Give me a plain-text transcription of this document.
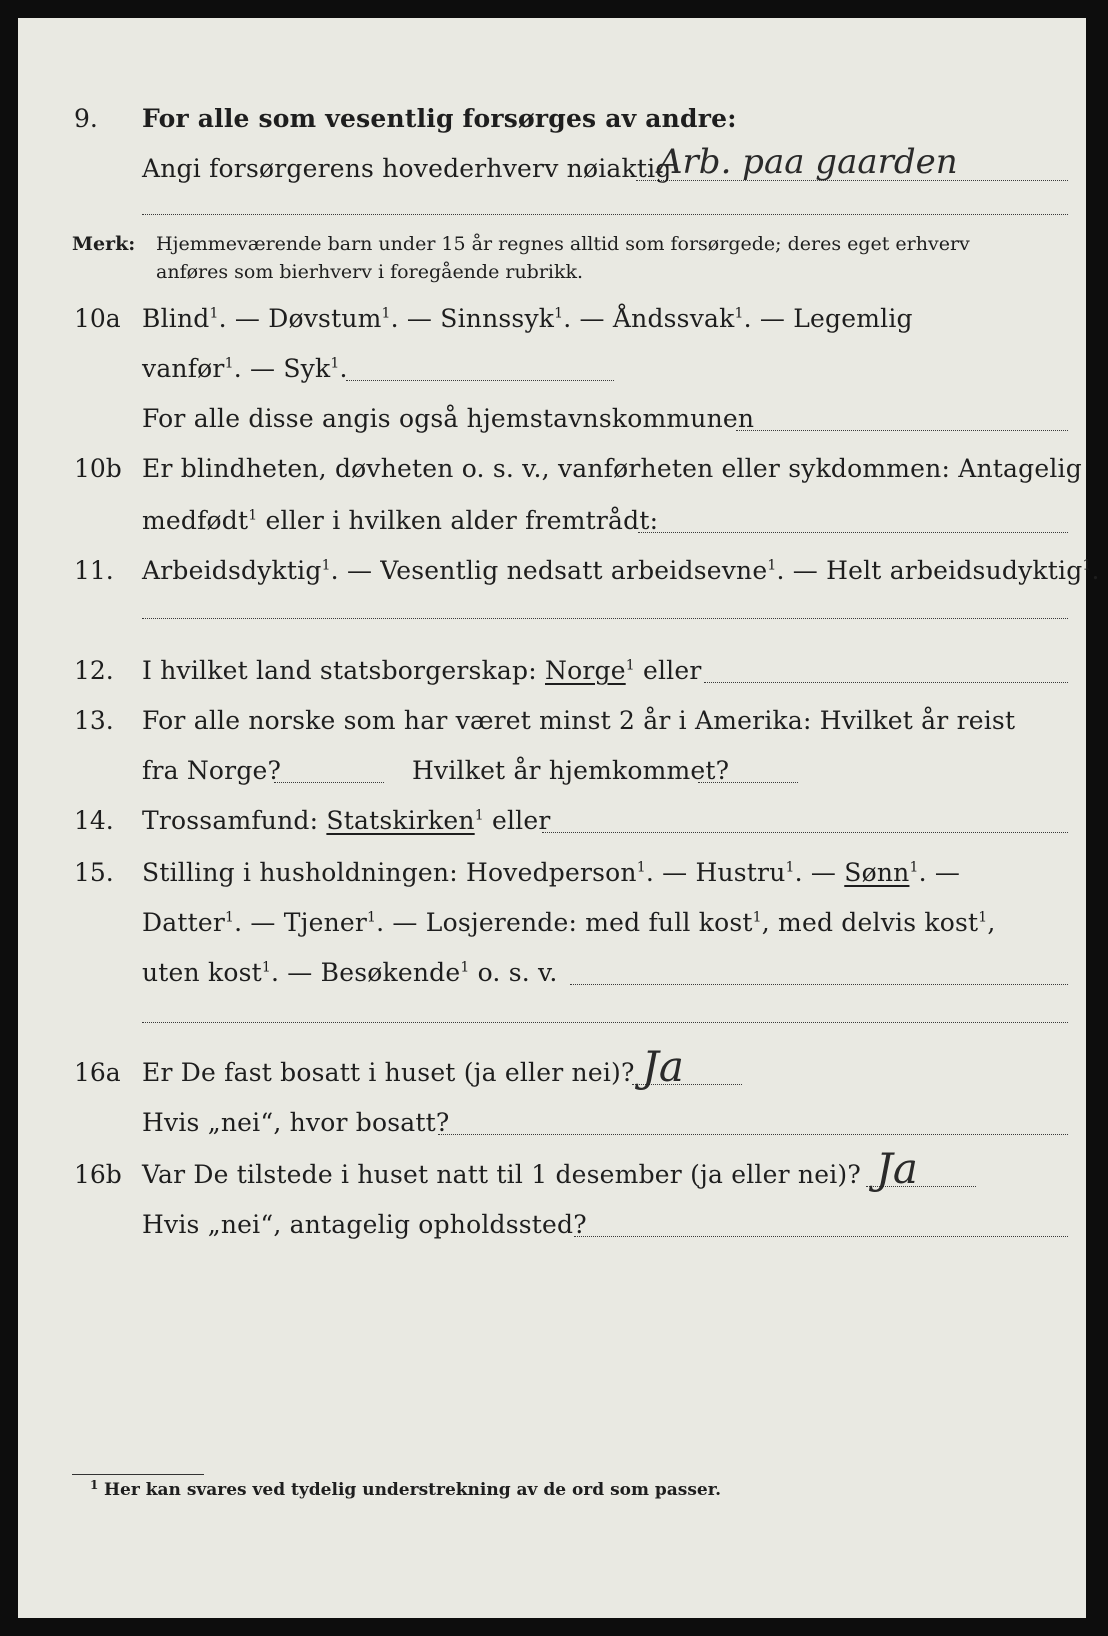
9. For alle som vesentlig forsørges av andre:
Angi forsørgerens hovederhverv nøiaktig
Arb. paa gaarden
Merk: Hjemmeværende barn under 15 år regnes alltid som forsørgede; deres eget erhverv
anføres som bierhverv i foregående rubrikk.
10a Blind$^1$. — Døvstum$^1$. — Sinnssyk$^1$. — Åndssvak$^1$. — Legemlig
vanfør$^1$. — Syk$^1$.
For alle disse angis også hjemstavnskommunen
10b Er blindheten, døvheten o. s. v., vanførheten eller sykdommen: Antagelig
medfødt$^1$ eller i hvilken alder fremtrådt:
11. Arbeidsdyktig$^1$. — Vesentlig nedsatt arbeidsevne$^1$. — Helt arbeidsudyktig$^1$.
12. I hvilket land statsborgerskap: Norge$^1$ eller
13. For alle norske som har været minst 2 år i Amerika: Hvilket år reist
fra Norge?	Hvilket år hjemkommet?
14. Trossamfund: Statskirken$^1$ eller
15. Stilling i husholdningen: Hovedperson$^1$. — Hustru$^1$. — Sønn$^1$. —
Datter$^1$. — Tjener$^1$. — Losjerende: med full kost$^1$, med delvis kost$^1$,
uten kost$^1$. — Besøkende$^1$ o. s. v.
16a Er De fast bosatt i huset (ja eller nei)? Ja
Hvis „nei“, hvor bosatt?
16b Var De tilstede i huset natt til 1 desember (ja eller nei)? Ja
Hvis „nei“, antagelig opholdssted?
1 Her kan svares ved tydelig understrekning av de ord som passer.
